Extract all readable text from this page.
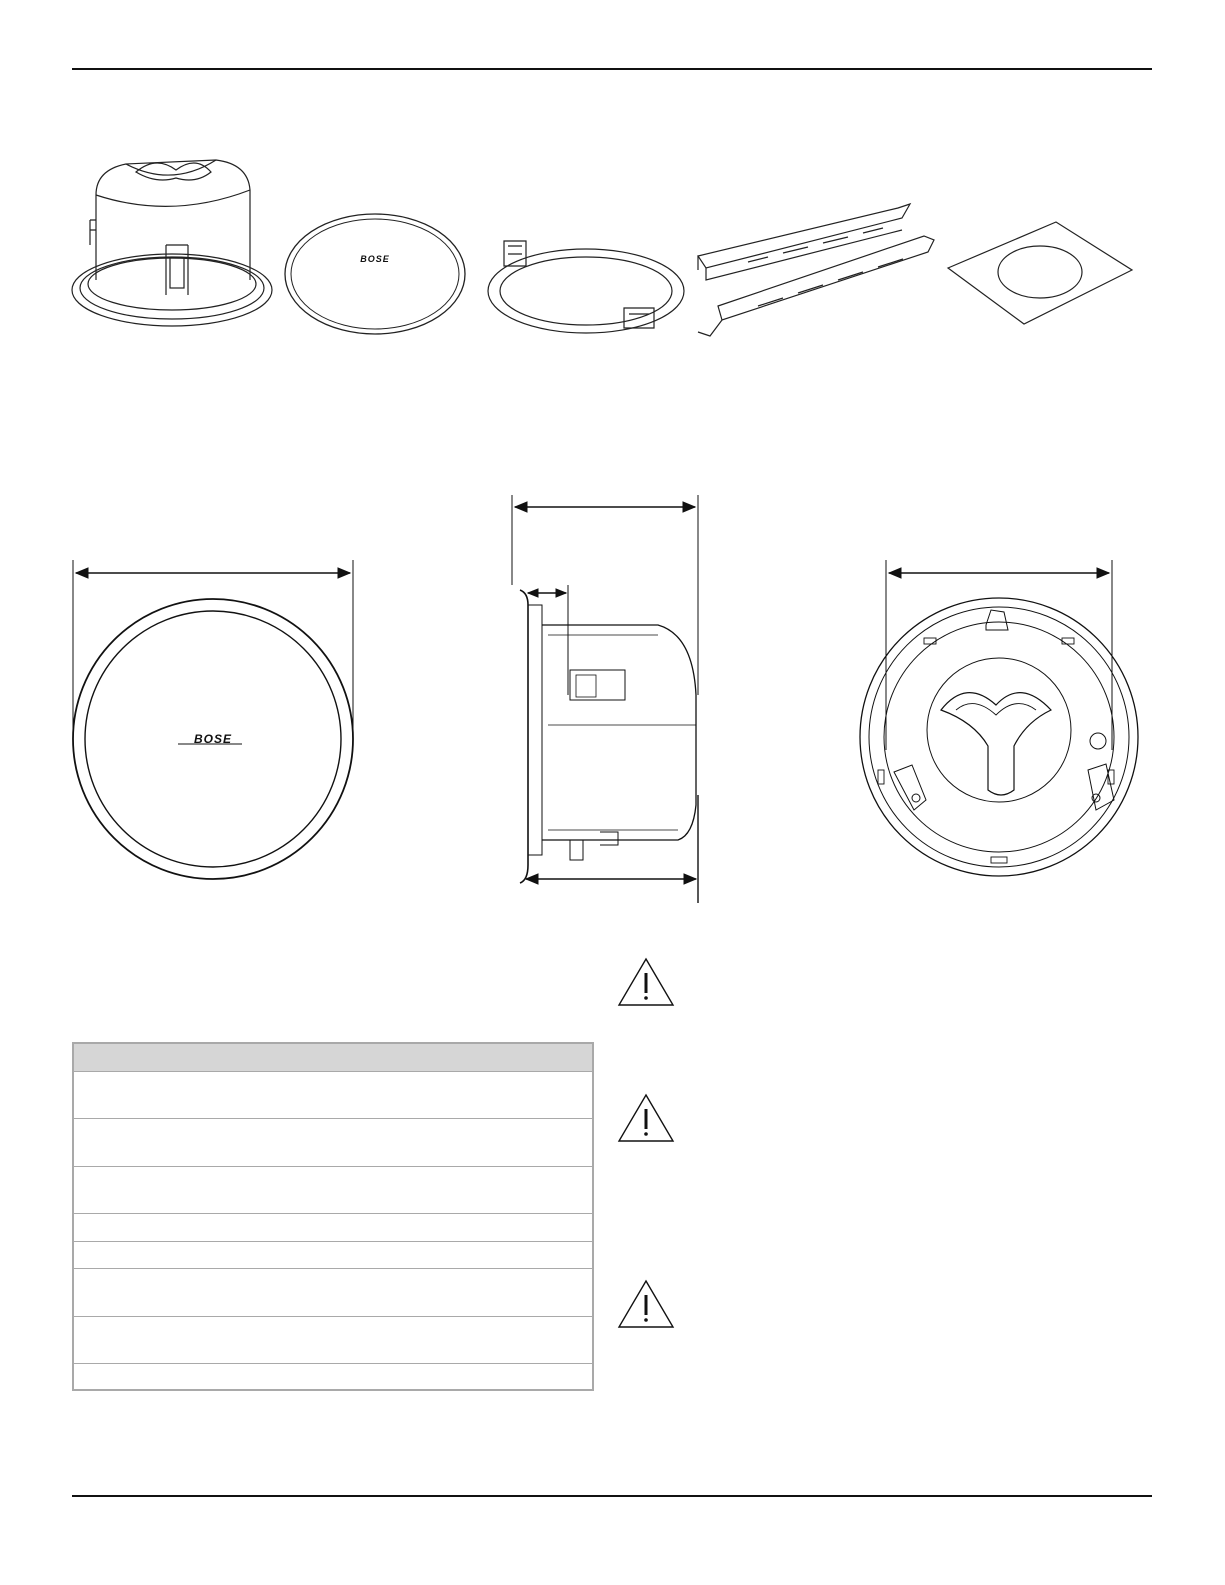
BOSE
BOSE
